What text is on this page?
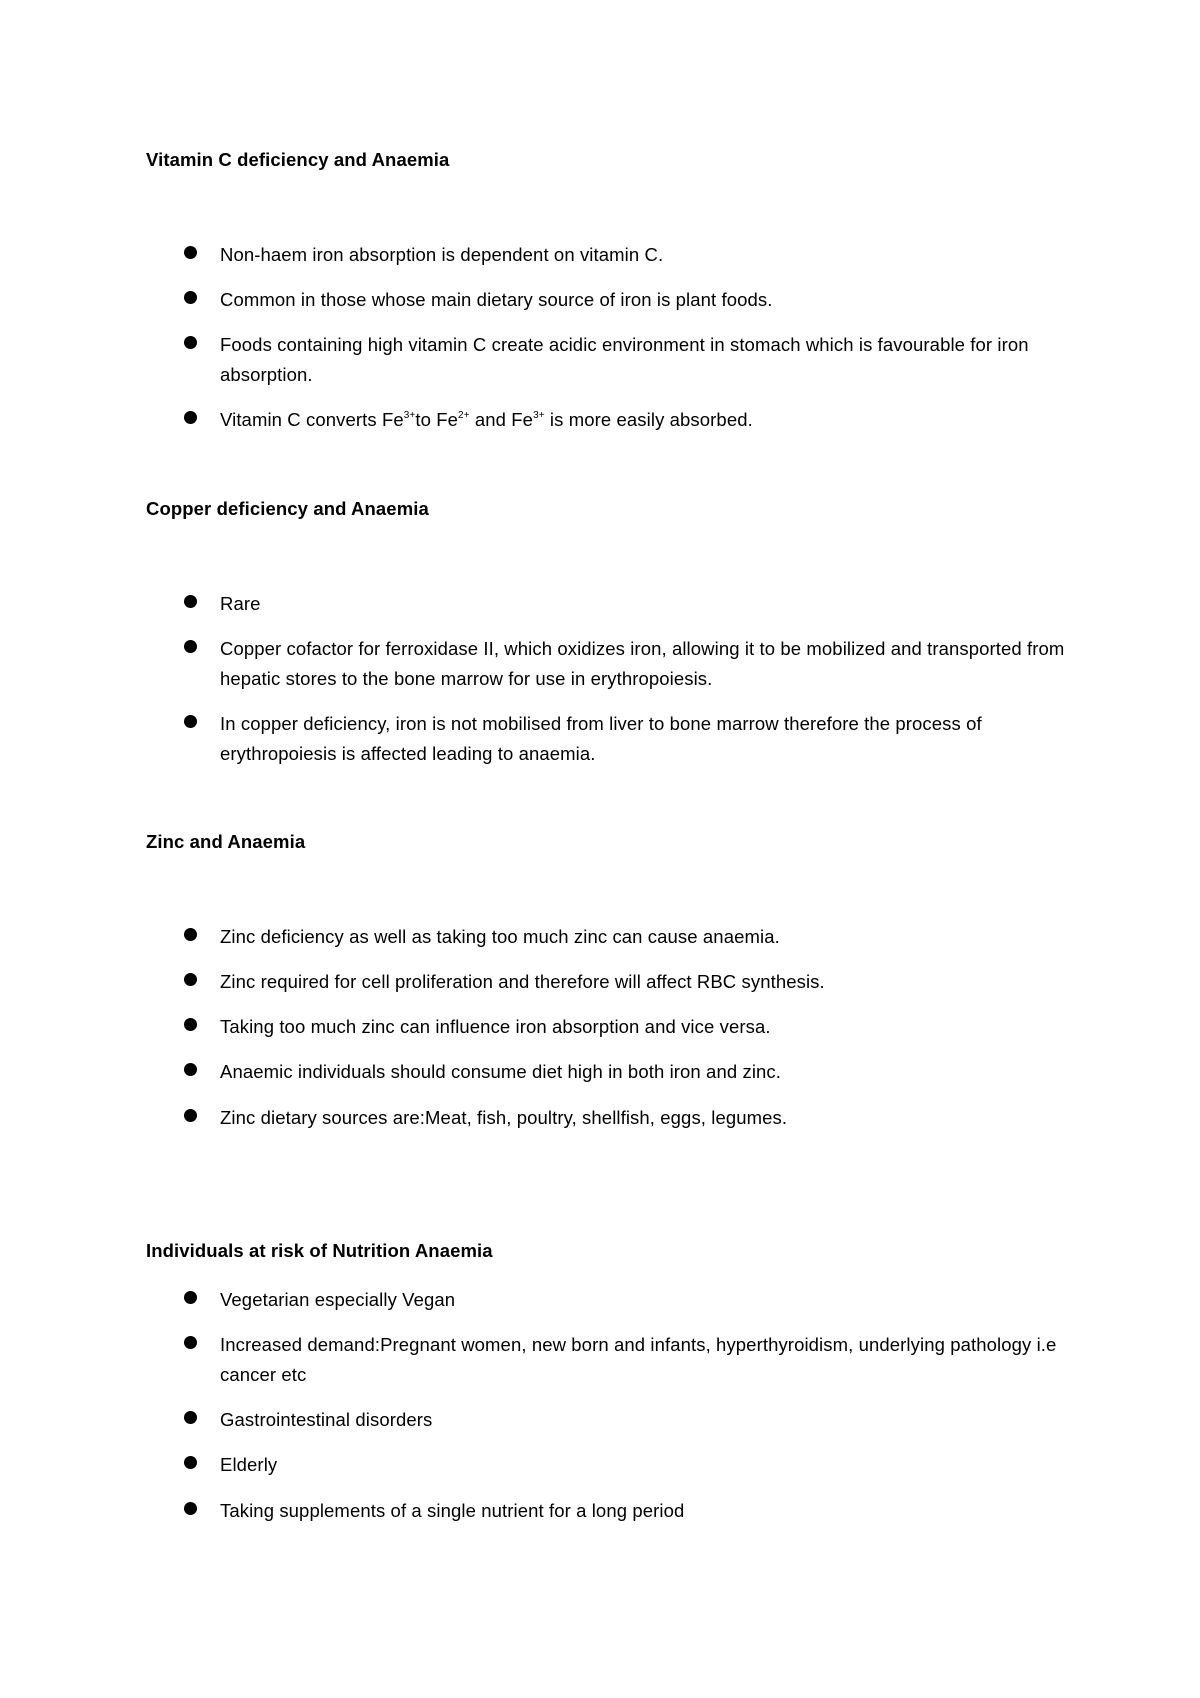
Vitamin C deficiency and Anaemia
Non-haem iron absorption is dependent on vitamin C.
Common in those whose main dietary source of iron is plant foods.
Foods containing high vitamin C create acidic environment in stomach which is favourable for iron absorption.
Vitamin C converts $Fe^{3+}to$ $Fe^{2+}$ and $Fe^{3+}$ is more easily absorbed.
Copper deficiency and Anaemia
Rare
Copper cofactor for ferroxidase II, which oxidizes iron, allowing it to be mobilized and transported from hepatic stores to the bone marrow for use in erythropoiesis.
In copper deficiency, iron is not mobilised from liver to bone marrow therefore the process of erythropoiesis is affected leading to anaemia.
Zinc and Anaemia
Zinc deficiency as well as taking too much zinc can cause anaemia.
Zinc required for cell proliferation and therefore will affect RBC synthesis.
Taking too much zinc can influence iron absorption and vice versa.
Anaemic individuals should consume diet high in both iron and zinc.
Zinc dietary sources are:Meat, fish, poultry, shellfish, eggs, legumes.
Individuals at risk of Nutrition Anaemia
Vegetarian especially Vegan
Increased demand:Pregnant women, new born and infants, hyperthyroidism, underlying pathology i.e cancer etc
Gastrointestinal disorders
Elderly
Taking supplements of a single nutrient for a long period
